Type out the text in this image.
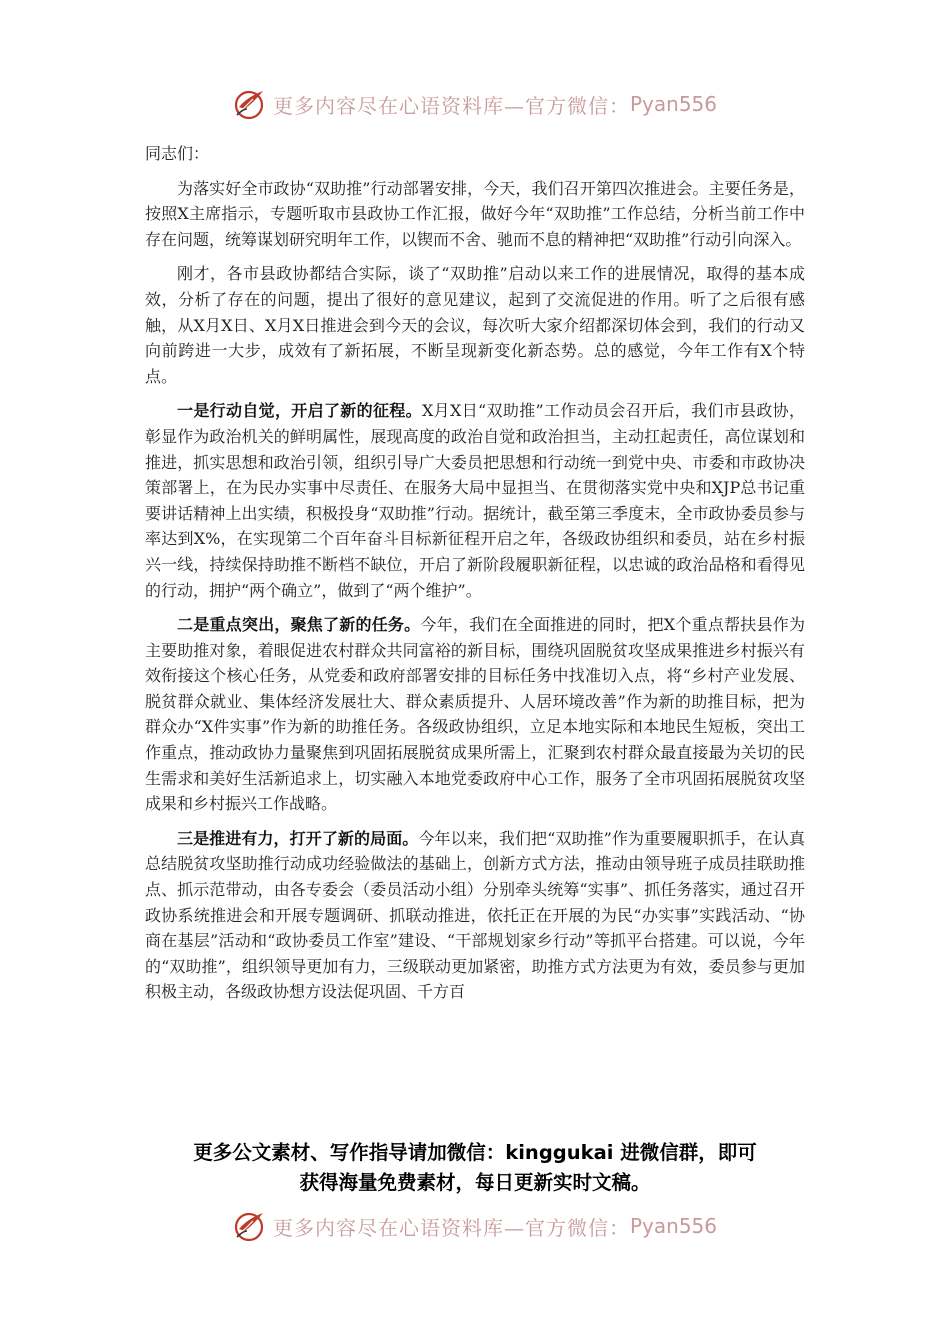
更多内容尽在心语资料库—官方微信： Pyan556

同志们：

为落实好全市政协“双助推”行动部署安排，今天，我们召开第四次推进会。主要任务是，按照X主席指示，专题听取市县政协工作汇报，做好今年“双助推”工作总结，分析当前工作中存在问题，统筹谋划研究明年工作，以锲而不舍、驰而不息的精神把“双助推”行动引向深入。

刚才，各市县政协都结合实际，谈了“双助推”启动以来工作的进展情况，取得的基本成效，分析了存在的问题，提出了很好的意见建议，起到了交流促进的作用。听了之后很有感触，从X月X日、X月X日推进会到今天的会议，每次听大家介绍都深切体会到，我们的行动又向前跨进一大步，成效有了新拓展，不断呈现新变化新态势。总的感觉，今年工作有X个特点。

一是行动自觉，开启了新的征程。X月X日“双助推”工作动员会召开后，我们市县政协，彰显作为政治机关的鲜明属性，展现高度的政治自觉和政治担当，主动扛起责任，高位谋划和推进，抓实思想和政治引领，组织引导广大委员把思想和行动统一到党中央、市委和市政协决策部署上，在为民办实事中尽责任、在服务大局中显担当、在贯彻落实党中央和XJP总书记重要讲话精神上出实绩，积极投身“双助推”行动。据统计，截至第三季度末，全市政协委员参与率达到X%，在实现第二个百年奋斗目标新征程开启之年，各级政协组织和委员，站在乡村振兴一线，持续保持助推不断档不缺位，开启了新阶段履职新征程，以忠诚的政治品格和看得见的行动，拥护“两个确立”，做到了“两个维护”。

二是重点突出，聚焦了新的任务。今年，我们在全面推进的同时，把X个重点帮扶县作为主要助推对象，着眼促进农村群众共同富裕的新目标，围绕巩固脱贫攻坚成果推进乡村振兴有效衔接这个核心任务，从党委和政府部署安排的目标任务中找准切入点，将“乡村产业发展、脱贫群众就业、集体经济发展壮大、群众素质提升、人居环境改善”作为新的助推目标，把为群众办“X件实事”作为新的助推任务。各级政协组织，立足本地实际和本地民生短板，突出工作重点，推动政协力量聚焦到巩固拓展脱贫成果所需上，汇聚到农村群众最直接最为关切的民生需求和美好生活新追求上，切实融入本地党委政府中心工作，服务了全市巩固拓展脱贫攻坚成果和乡村振兴工作战略。

三是推进有力，打开了新的局面。今年以来，我们把“双助推”作为重要履职抓手，在认真总结脱贫攻坚助推行动成功经验做法的基础上，创新方式方法，推动由领导班子成员挂联助推点、抓示范带动，由各专委会（委员活动小组）分别牵头统筹“实事”、抓任务落实，通过召开政协系统推进会和开展专题调研、抓联动推进，依托正在开展的为民“办实事”实践活动、“协商在基层”活动和“政协委员工作室”建设、“干部规划家乡行动”等抓平台搭建。可以说，今年的“双助推”，组织领导更加有力，三级联动更加紧密，助推方式方法更为有效，委员参与更加积极主动，各级政协想方设法促巩固、千方百

更多公文素材、写作指导请加微信：kinggukai 进微信群，即可
获得海量免费素材，每日更新实时文稿。
更多内容尽在心语资料库—官方微信： Pyan556
